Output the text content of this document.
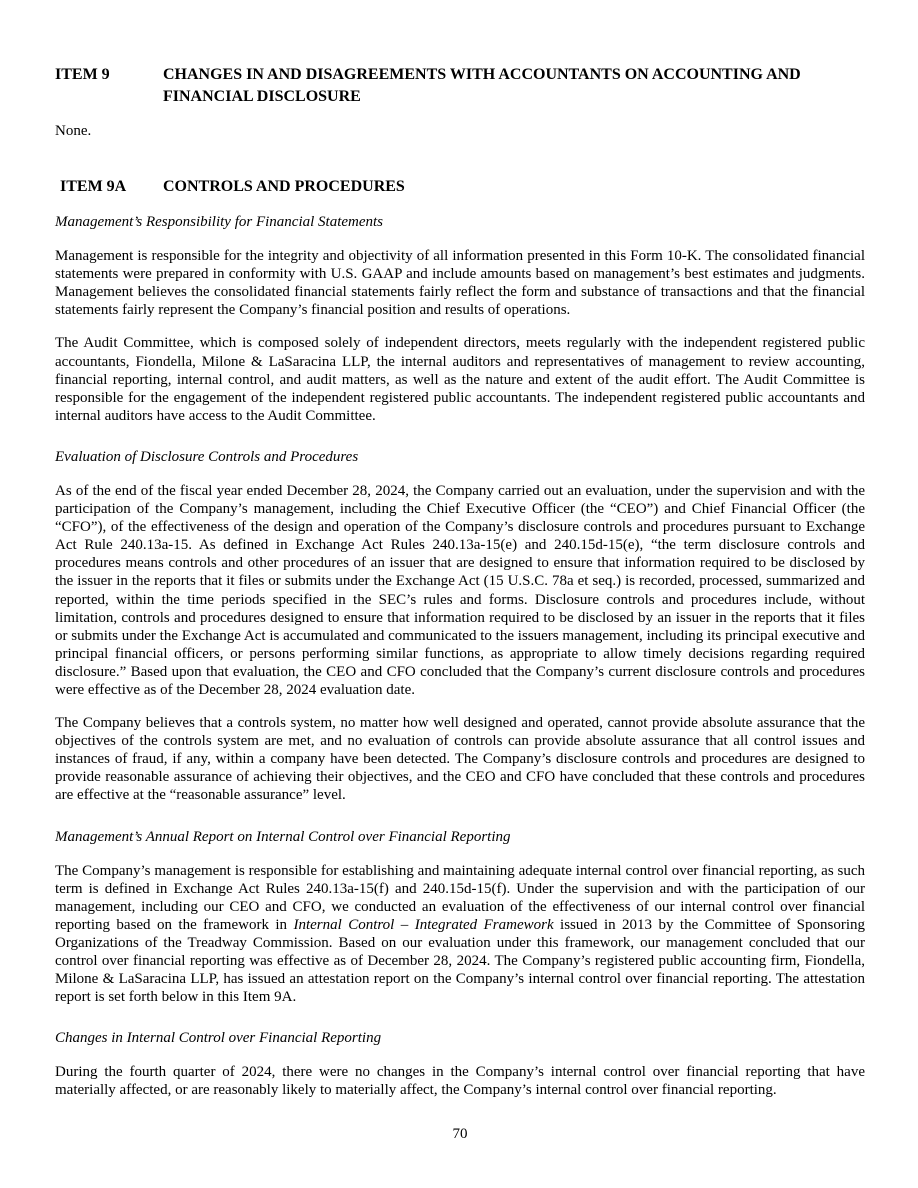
ITEM 9	CHANGES IN AND DISAGREEMENTS WITH ACCOUNTANTS ON ACCOUNTING AND FINANCIAL DISCLOSURE

None.

ITEM 9A	CONTROLS AND PROCEDURES
Management’s Responsibility for Financial Statements

Management is responsible for the integrity and objectivity of all information presented in this Form 10-K. The consolidated financial statements were prepared in conformity with U.S. GAAP and include amounts based on management’s best estimates and judgments. Management believes the consolidated financial statements fairly reflect the form and substance of transactions and that the financial statements fairly represent the Company’s financial position and results of operations.

The Audit Committee, which is composed solely of independent directors, meets regularly with the independent registered public accountants, Fiondella, Milone & LaSaracina LLP, the internal auditors and representatives of management to review accounting, financial reporting, internal control, and audit matters, as well as the nature and extent of the audit effort. The Audit Committee is responsible for the engagement of the independent registered public accountants. The independent registered public accountants and internal auditors have access to the Audit Committee.

Evaluation of Disclosure Controls and Procedures

As of the end of the fiscal year ended December 28, 2024, the Company carried out an evaluation, under the supervision and with the participation of the Company’s management, including the Chief Executive Officer (the “CEO”) and Chief Financial Officer (the “CFO”), of the effectiveness of the design and operation of the Company’s disclosure controls and procedures pursuant to Exchange Act Rule 240.13a-15. As defined in Exchange Act Rules 240.13a-15(e) and 240.15d-15(e), “the term disclosure controls and procedures means controls and other procedures of an issuer that are designed to ensure that information required to be disclosed by the issuer in the reports that it files or submits under the Exchange Act (15 U.S.C. 78a et seq.) is recorded, processed, summarized and reported, within the time periods specified in the SEC’s rules and forms. Disclosure controls and procedures include, without limitation, controls and procedures designed to ensure that information required to be disclosed by an issuer in the reports that it files or submits under the Exchange Act is accumulated and communicated to the issuers management, including its principal executive and principal financial officers, or persons performing similar functions, as appropriate to allow timely decisions regarding required disclosure.” Based upon that evaluation, the CEO and CFO concluded that the Company’s current disclosure controls and procedures were effective as of the December 28, 2024 evaluation date.

The Company believes that a controls system, no matter how well designed and operated, cannot provide absolute assurance that the objectives of the controls system are met, and no evaluation of controls can provide absolute assurance that all control issues and instances of fraud, if any, within a company have been detected. The Company’s disclosure controls and procedures are designed to provide reasonable assurance of achieving their objectives, and the CEO and CFO have concluded that these controls and procedures are effective at the “reasonable assurance” level.

Management’s Annual Report on Internal Control over Financial Reporting

The Company’s management is responsible for establishing and maintaining adequate internal control over financial reporting, as such term is defined in Exchange Act Rules 240.13a-15(f) and 240.15d-15(f). Under the supervision and with the participation of our management, including our CEO and CFO, we conducted an evaluation of the effectiveness of our internal control over financial reporting based on the framework in Internal Control – Integrated Framework issued in 2013 by the Committee of Sponsoring Organizations of the Treadway Commission. Based on our evaluation under this framework, our management concluded that our control over financial reporting was effective as of December 28, 2024. The Company’s registered public accounting firm, Fiondella, Milone & LaSaracina LLP, has issued an attestation report on the Company’s internal control over financial reporting. The attestation report is set forth below in this Item 9A.

Changes in Internal Control over Financial Reporting

During the fourth quarter of 2024, there were no changes in the Company’s internal control over financial reporting that have materially affected, or are reasonably likely to materially affect, the Company’s internal control over financial reporting.

70
